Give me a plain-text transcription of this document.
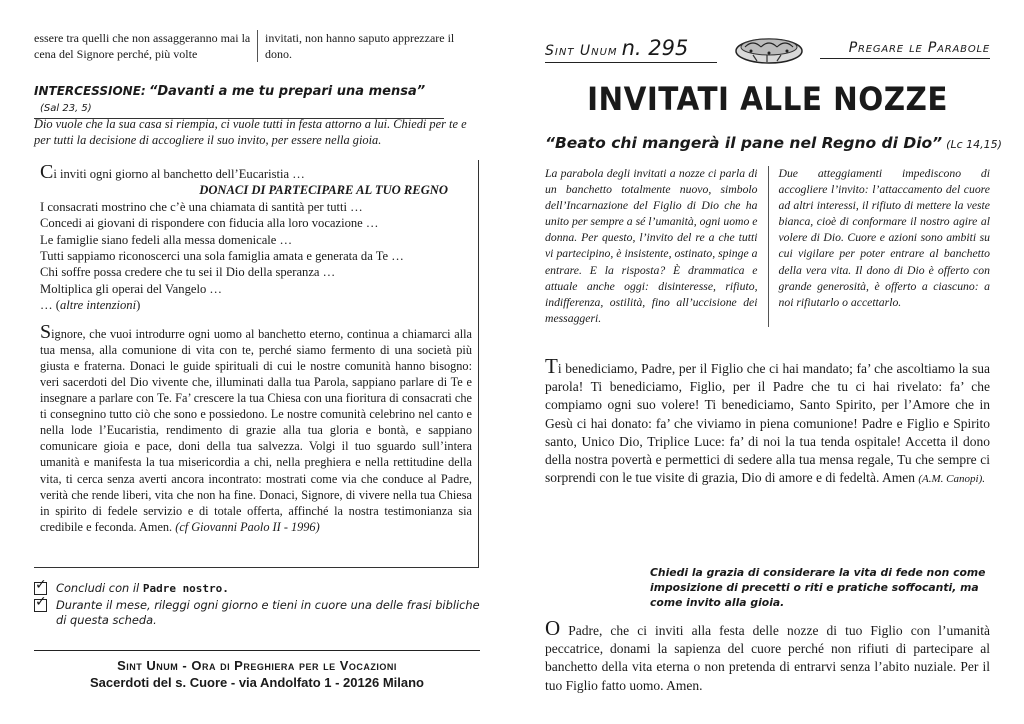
essere tra quelli che non assaggeranno mai la cena del Signore perché, più volte
invitati, non hanno saputo apprezzare il dono.
INTERCESSIONE: “Davanti a me tu prepari una mensa” (Sal 23, 5)
Dio vuole che la sua casa si riempia, ci vuole tutti in festa attorno a lui. Chiedi per te e per tutti la decisione di accogliere il suo invito, per essere nella gioia.
Ci inviti ogni giorno al banchetto dell’Eucaristia …
DONACI DI PARTECIPARE AL TUO REGNO
I consacrati mostrino che c’è una chiamata di santità per tutti …
Concedi ai giovani di rispondere con fiducia alla loro vocazione …
Le famiglie siano fedeli alla messa domenicale …
Tutti sappiamo riconoscerci una sola famiglia amata e generata da Te …
Chi soffre possa credere che tu sei il Dio della speranza …
Moltiplica gli operai del Vangelo …
… (altre intenzioni)
Signore, che vuoi introdurre ogni uomo al banchetto eterno, continua a chiamarci alla tua mensa, alla comunione di vita con te, perché siamo fermento di una società più giusta e fraterna. Donaci le guide spirituali di cui le nostre comunità hanno bisogno: veri sacerdoti del Dio vivente che, illuminati dalla tua Parola, sappiano parlare di Te e insegnare a parlare con Te. Fa’ crescere la tua Chiesa con una fioritura di consacrati che ti consegnino tutto ciò che sono e possiedono. Le nostre comunità celebrino nel canto e nella lode l’Eucaristia, rendimento di grazie alla tua gloria e bontà, e sappiano comunicare gioia e pace, doni della tua salvezza. Volgi il tuo sguardo sull’intera umanità e manifesta la tua misericordia a chi, nella preghiera e nella rettitudine della vita, ti cerca senza averti ancora incontrato: mostrati come via che conduce al Padre, verità che rende liberi, vita che non ha fine. Donaci, Signore, di vivere nella tua Chiesa in spirito di fedele servizio e di totale offerta, affinché la nostra testimonianza sia credibile e feconda. Amen. (cf Giovanni Paolo II - 1996)
✓
Concludi con il Padre nostro.
✓
Durante il mese, rileggi ogni giorno e tieni in cuore una delle frasi bibliche di questa scheda.
Sint Unum - Ora di Preghiera per le Vocazioni
Sacerdoti del s. Cuore - via Andolfato 1 - 20126 Milano
Sint Unum n. 295	Pregare le Parabole
INVITATI ALLE NOZZE
“Beato chi mangerà il pane nel Regno di Dio” (Lc 14,15)
La parabola degli invitati a nozze ci parla di un banchetto totalmente nuovo, simbolo dell’Incarnazione del Figlio di Dio che ha unito per sempre a sé l’umanità, ogni uomo e donna. Per questo, l’invito del re a che tutti vi partecipino, è insistente, ostinato, spinge a entrare. E la risposta? È drammatica e attuale anche oggi: disinteresse, rifiuto, indifferenza, ostilità, fino all’uccisione dei messaggeri.
Due atteggiamenti impediscono di accogliere l’invito: l’attaccamento del cuore ad altri interessi, il rifiuto di mettere la veste bianca, cioè di conformare il nostro agire al volere di Dio. Cuore e azioni sono ambiti su cui vigilare per poter entrare al banchetto della vera vita. Il dono di Dio è offerto con grande generosità, è offerto a ciascuno: a noi rifiutarlo o accettarlo.
Ti benediciamo, Padre, per il Figlio che ci hai mandato; fa’ che ascoltiamo la sua parola! Ti benediciamo, Figlio, per il Padre che tu ci hai rivelato: fa’ che compiamo ogni suo volere! Ti benediciamo, Santo Spirito, per l’Amore che in Gesù ci hai donato: fa’ che viviamo in piena comunione! Padre e Figlio e Spirito santo, Unico Dio, Triplice Luce: fa’ di noi la tua tenda ospitale! Accetta il dono della nostra povertà e permettici di sedere alla tua mensa regale, Tu che sempre ci sorprendi con le tue visite di grazia, Dio di amore e di fedeltà. Amen (A.M. Canopi).
Chiedi la grazia di considerare la vita di fede non come imposizione di precetti o riti e pratiche soffocanti, ma come invito alla gioia.
O Padre, che ci inviti alla festa delle nozze di tuo Figlio con l’umanità peccatrice, donami la sapienza del cuore perché non rifiuti di partecipare al banchetto della vita eterna o non pretenda di entrarvi senza l’abito nuziale. Per il tuo Figlio fatto uomo. Amen.
